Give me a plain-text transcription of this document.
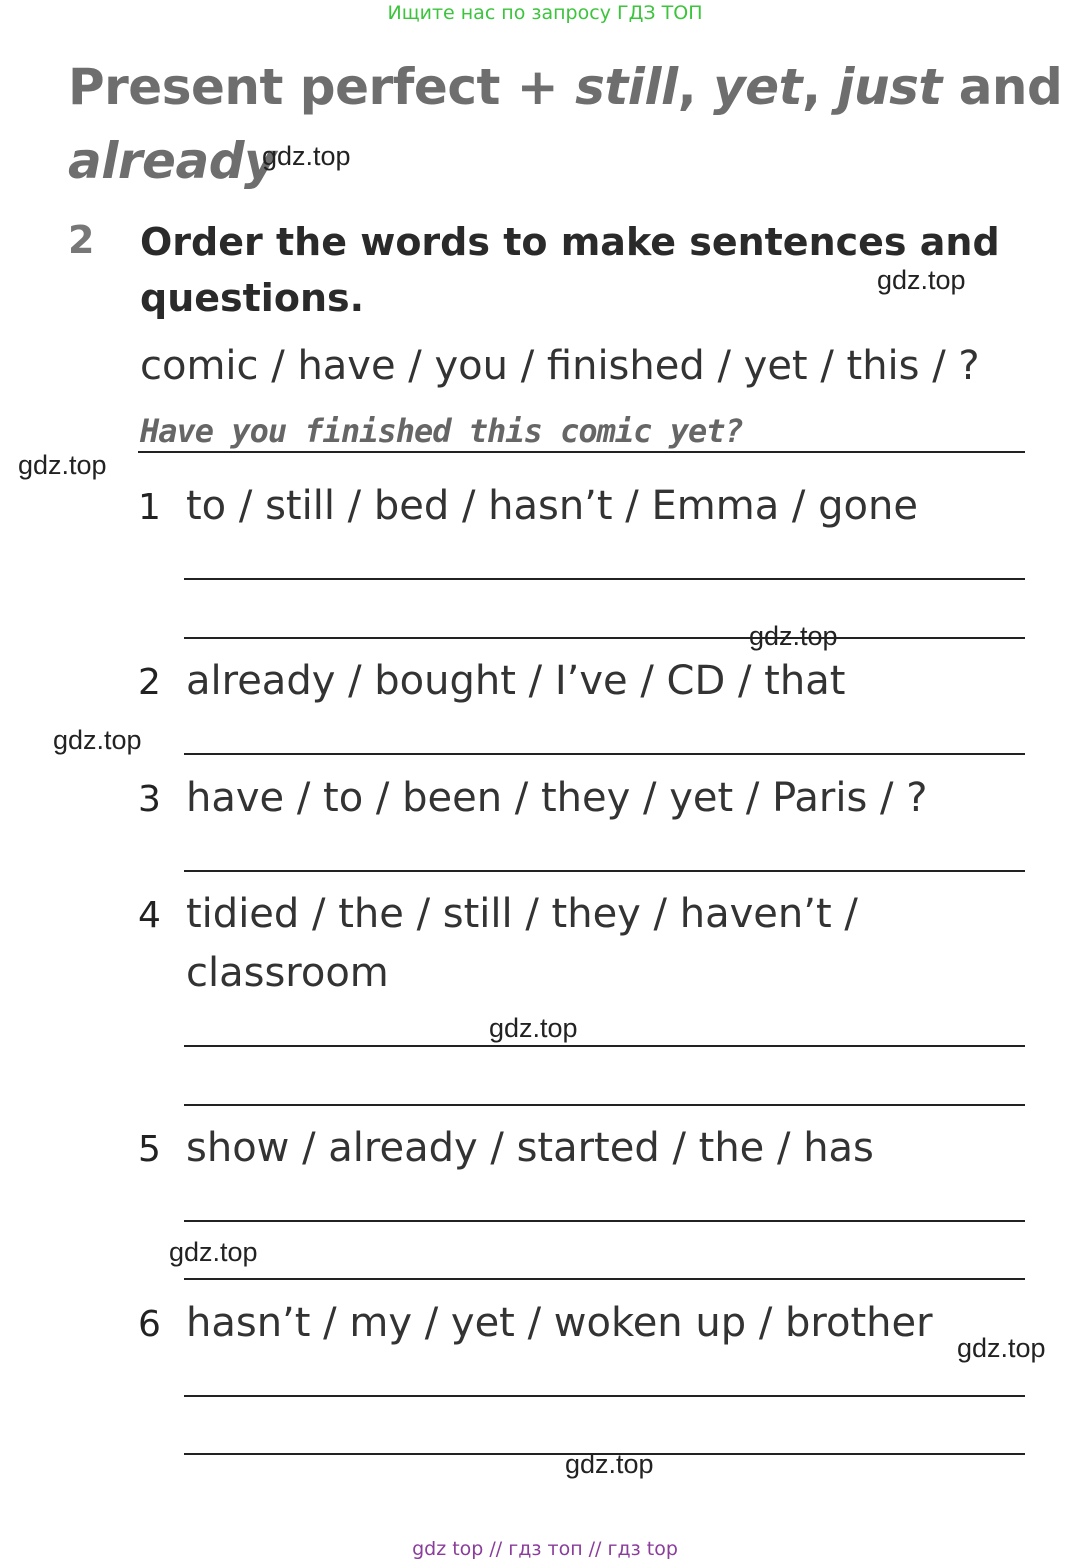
Ищите нас по запросу ГДЗ ТОП
Present perfect + still, yet, just and
already
2 Order the words to make sentences and
questions.
comic / have / you / finished / yet / this / ?
Have you finished this comic yet?
1 to / still / bed / hasn’t / Emma / gone
2 already / bought / I’ve / CD / that
3 have / to / been / they / yet / Paris / ?
4 tidied / the / still / they / haven’t /
classroom
5 show / already / started / the / has
6 hasn’t / my / yet / woken up / brother
gdz.top
gdz.top
gdz.top
gdz.top
gdz.top
gdz.top
gdz.top
gdz.top
gdz.top
gdz top // гдз топ // гдз top
